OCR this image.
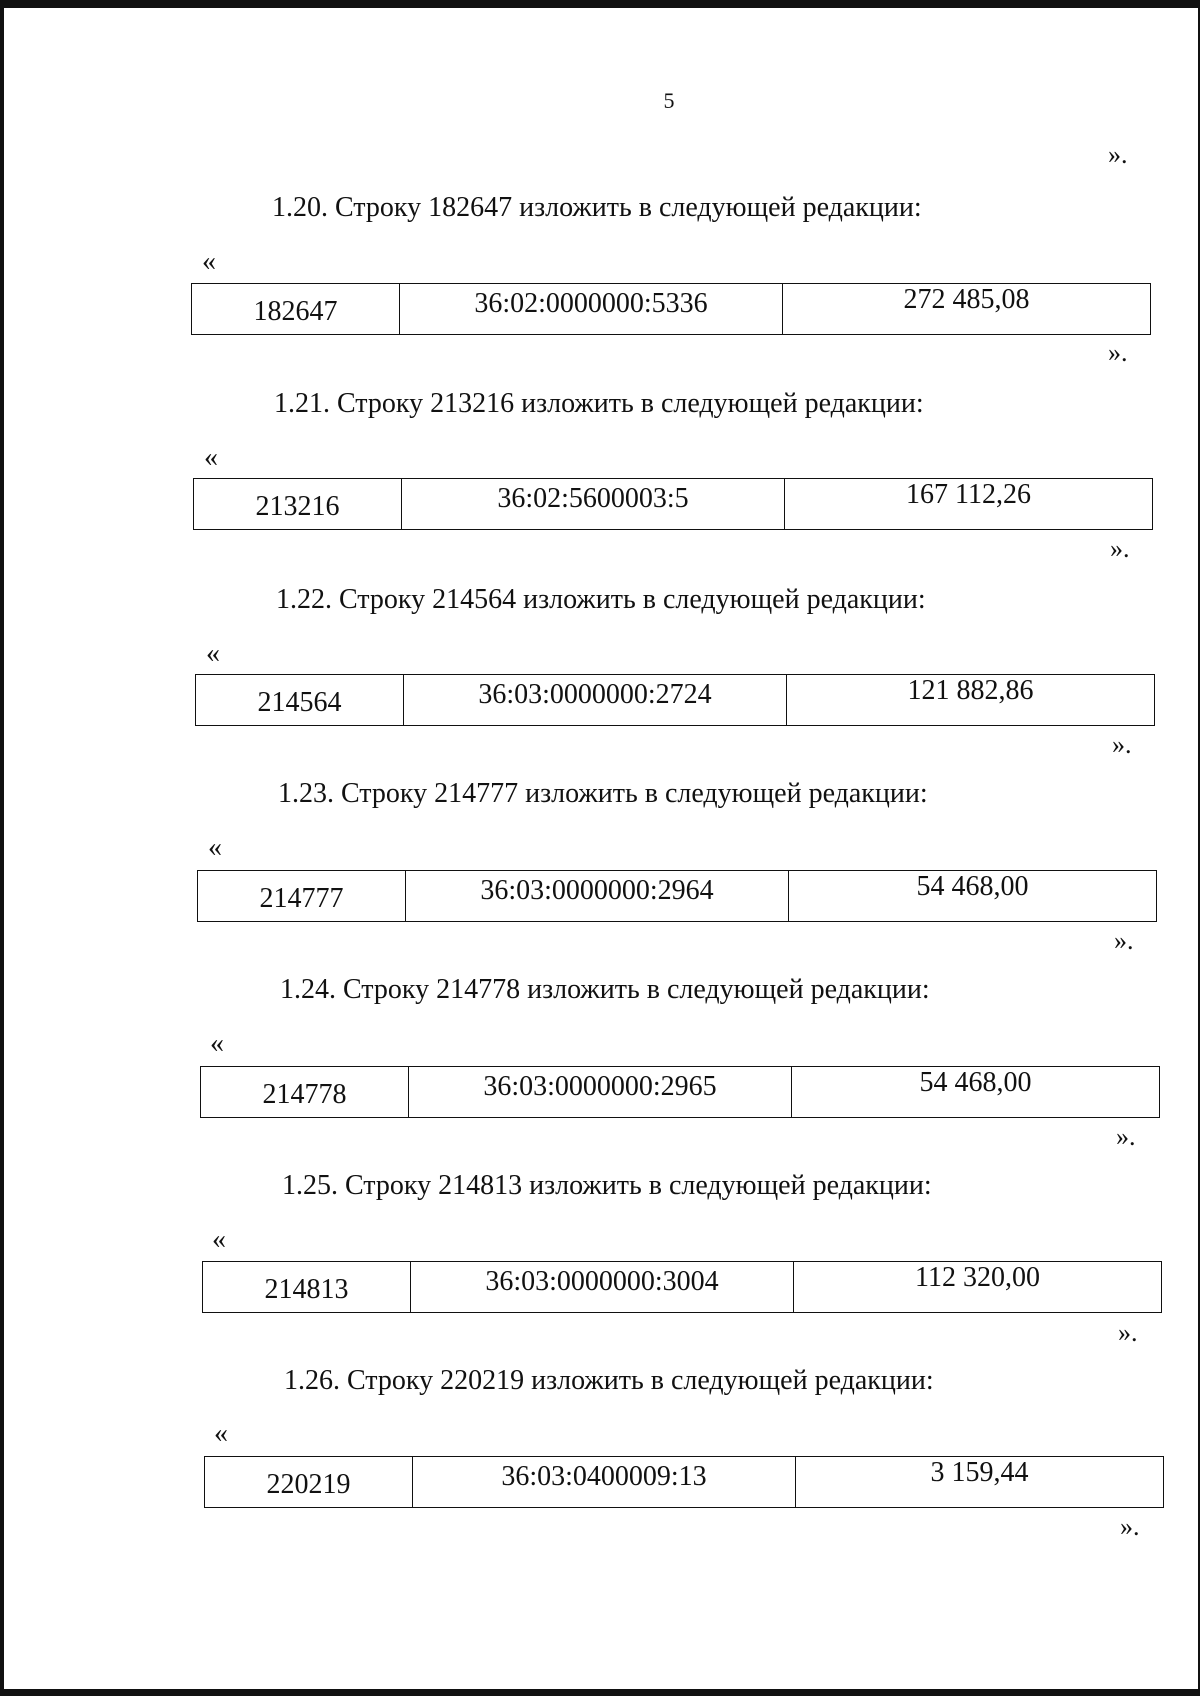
5
».
1.20. Строку 182647 изложить в следующей редакции:
«
182647	36:02:0000000:5336	272 485,08
».
1.21. Строку 213216 изложить в следующей редакции:
«
213216	36:02:5600003:5	167 112,26
».
1.22. Строку 214564 изложить в следующей редакции:
«
214564	36:03:0000000:2724	121 882,86
».
1.23. Строку 214777 изложить в следующей редакции:
«
214777	36:03:0000000:2964	54 468,00
».
1.24. Строку 214778 изложить в следующей редакции:
«
214778	36:03:0000000:2965	54 468,00
».
1.25. Строку 214813 изложить в следующей редакции:
«
214813	36:03:0000000:3004	112 320,00
».
1.26. Строку 220219 изложить в следующей редакции:
«
220219	36:03:0400009:13	3 159,44
».
